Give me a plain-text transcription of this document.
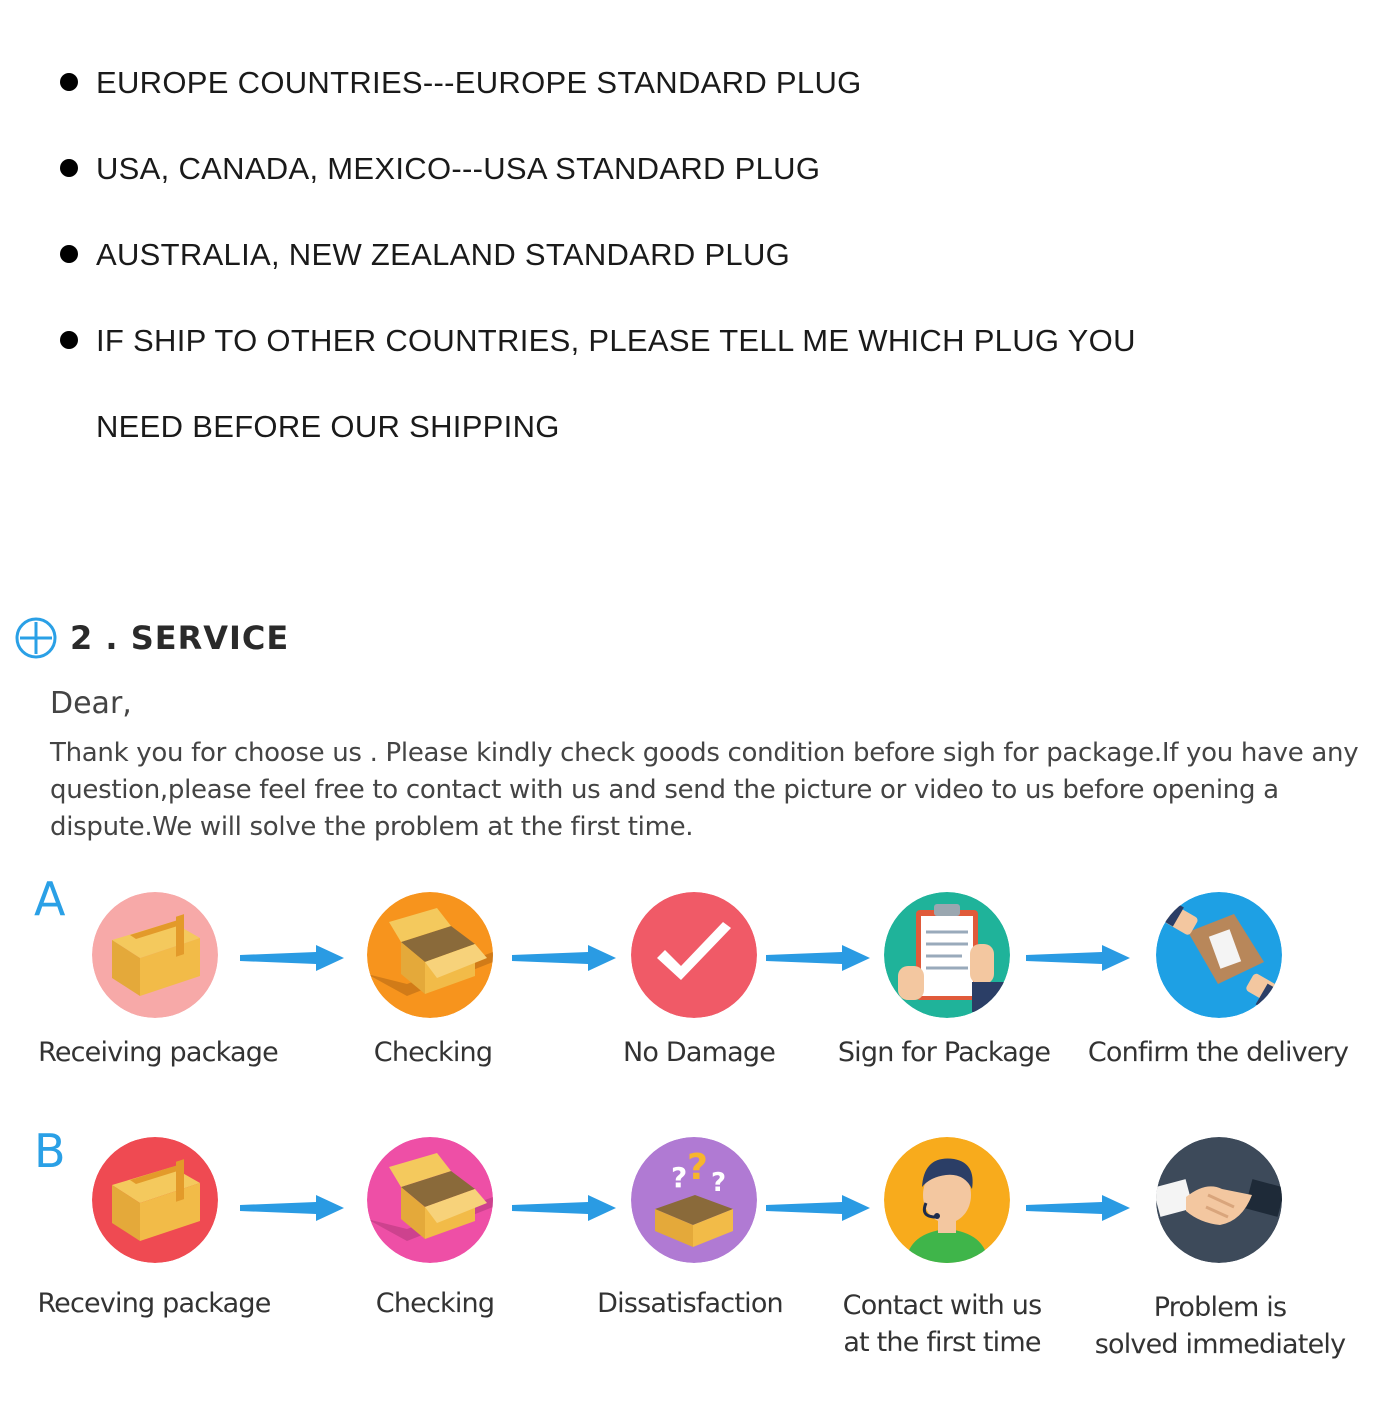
EUROPE COUNTRIES---EUROPE STANDARD PLUG
USA, CANADA, MEXICO---USA STANDARD PLUG
AUSTRALIA, NEW ZEALAND STANDARD PLUG
IF SHIP TO OTHER COUNTRIES, PLEASE TELL ME WHICH PLUG YOU
NEED BEFORE OUR SHIPPING
2 . SERVICE
Dear,
Thank you for choose us . Please kindly check goods condition before sigh for package.If you have any question,please feel free to contact with us and send the picture or video to us before opening a dispute.We will solve the problem at the first time.
A
Receiving package	Checking	No Damage	Sign for Package	Confirm the delivery
B	? ? ?
Receving package	Checking	Dissatisfaction	Contact with us
at the first time
Problem is
solved immediately
